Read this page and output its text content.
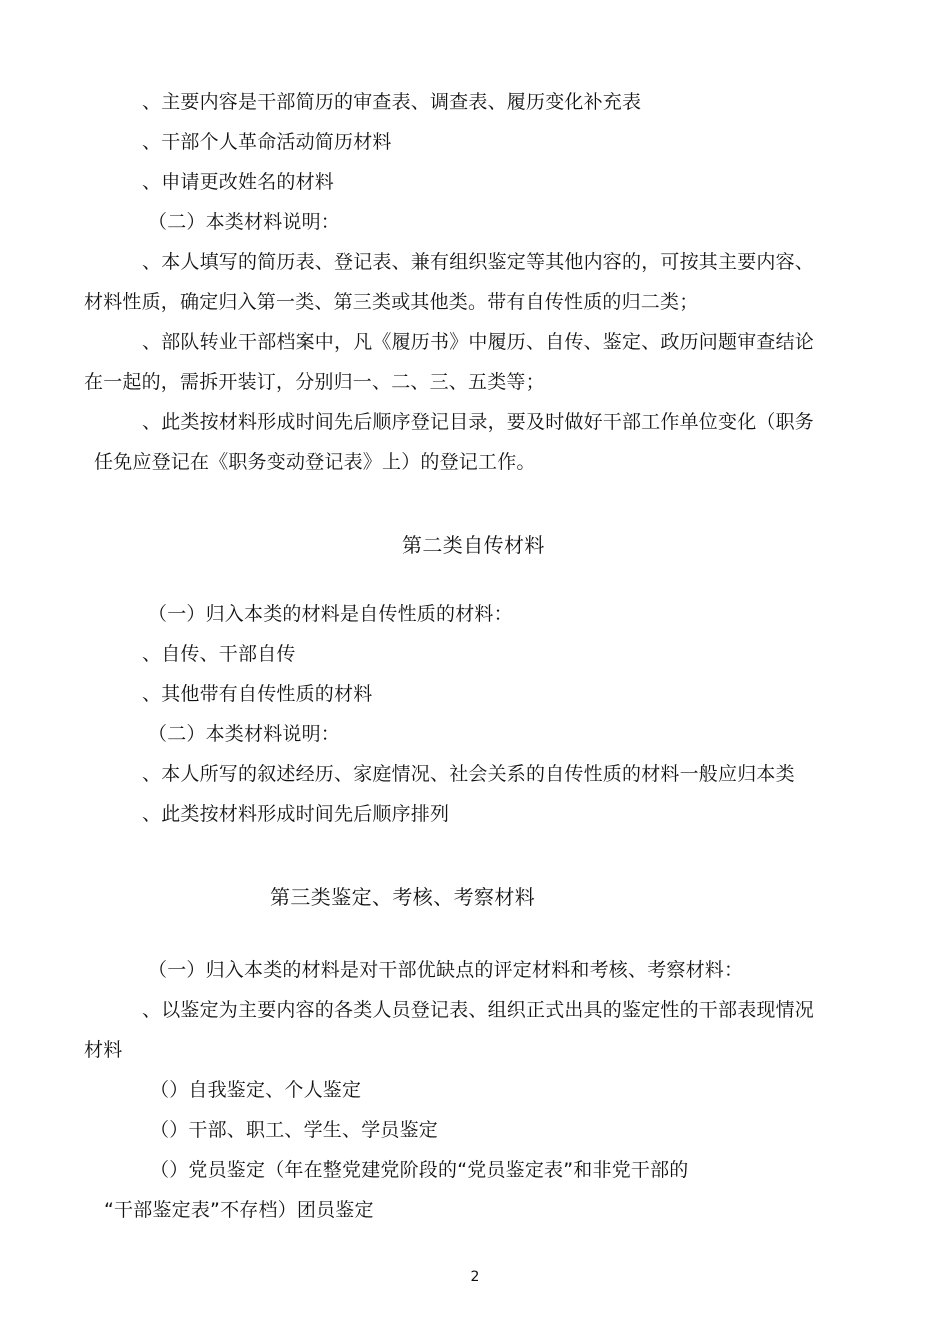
、主要内容是干部简历的审查表、调查表、履历变化补充表
、干部个人革命活动简历材料
、申请更改姓名的材料
（二）本类材料说明：
、本人填写的简历表、登记表、兼有组织鉴定等其他内容的，可按其主要内容、
材料性质，确定归入第一类、第三类或其他类。带有自传性质的归二类；
、部队转业干部档案中，凡《履历书》中履历、自传、鉴定、政历问题审查结论
在一起的，需拆开装订，分别归一、二、三、五类等；
、此类按材料形成时间先后顺序登记目录，要及时做好干部工作单位变化（职务
任免应登记在《职务变动登记表》上）的登记工作。
第二类自传材料
（一）归入本类的材料是自传性质的材料：
、自传、干部自传
、其他带有自传性质的材料
（二）本类材料说明：
、本人所写的叙述经历、家庭情况、社会关系的自传性质的材料一般应归本类
、此类按材料形成时间先后顺序排列
第三类鉴定、考核、考察材料
（一）归入本类的材料是对干部优缺点的评定材料和考核、考察材料：
、以鉴定为主要内容的各类人员登记表、组织正式出具的鉴定性的干部表现情况
材料
（）自我鉴定、个人鉴定
（）干部、职工、学生、学员鉴定
（）党员鉴定（年在整党建党阶段的“党员鉴定表”和非党干部的
“干部鉴定表”不存档）团员鉴定
2
